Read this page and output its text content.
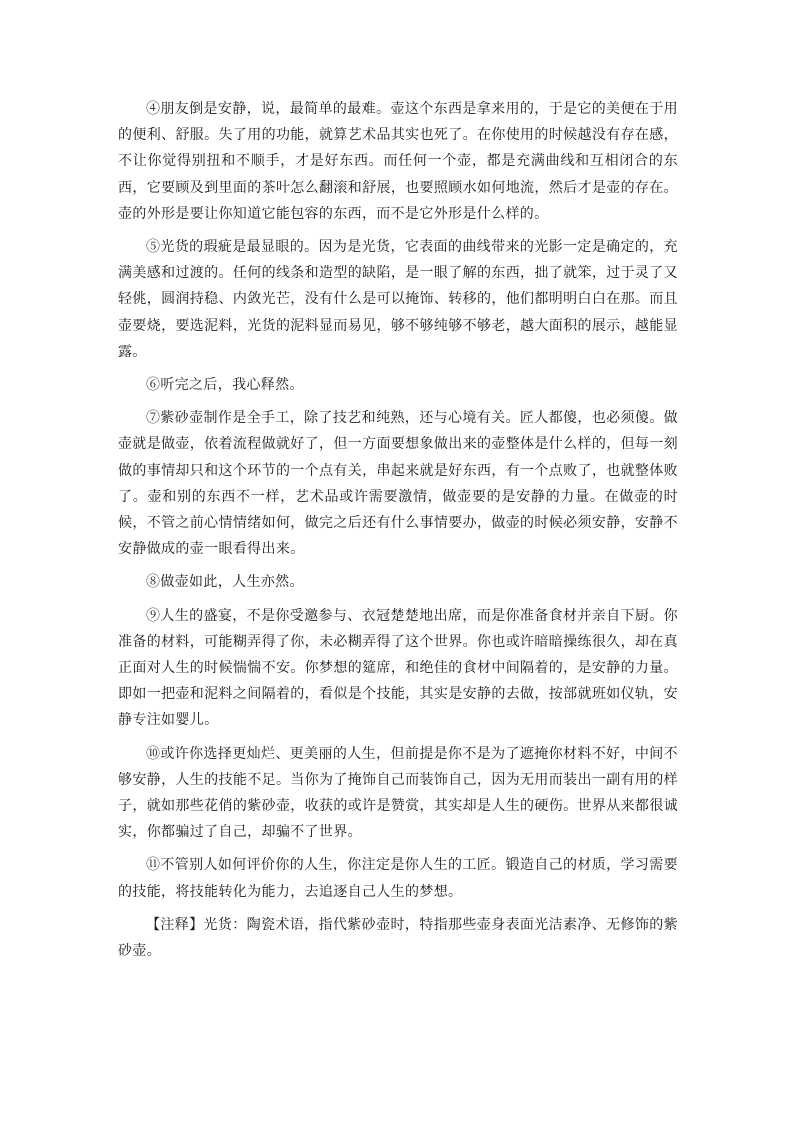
④朋友倒是安静，说，最简单的最难。壶这个东西是拿来用的，于是它的美便在于用的便利、舒服。失了用的功能，就算艺术品其实也死了。在你使用的时候越没有存在感，不让你觉得别扭和不顺手，才是好东西。而任何一个壶，都是充满曲线和互相闭合的东西，它要顾及到里面的茶叶怎么翻滚和舒展，也要照顾水如何地流，然后才是壶的存在。壶的外形是要让你知道它能包容的东西，而不是它外形是什么样的。

⑤光货的瑕疵是最显眼的。因为是光货，它表面的曲线带来的光影一定是确定的，充满美感和过渡的。任何的线条和造型的缺陷，是一眼了解的东西，拙了就笨，过于灵了又轻佻，圆润持稳、内敛光芒，没有什么是可以掩饰、转移的，他们都明明白白在那。而且壶要烧，要选泥料，光货的泥料显而易见，够不够纯够不够老，越大面积的展示，越能显露。

⑥听完之后，我心释然。

⑦紫砂壶制作是全手工，除了技艺和纯熟，还与心境有关。匠人都傻，也必须傻。做壶就是做壶，依着流程做就好了，但一方面要想象做出来的壶整体是什么样的，但每一刻做的事情却只和这个环节的一个点有关，串起来就是好东西，有一个点败了，也就整体败了。壶和别的东西不一样，艺术品或许需要激情，做壶要的是安静的力量。在做壶的时候，不管之前心情情绪如何，做完之后还有什么事情要办，做壶的时候必须安静，安静不安静做成的壶一眼看得出来。

⑧做壶如此，人生亦然。

⑨人生的盛宴，不是你受邀参与、衣冠楚楚地出席，而是你准备食材并亲自下厨。你准备的材料，可能糊弄得了你，未必糊弄得了这个世界。你也或许暗暗操练很久，却在真正面对人生的时候惴惴不安。你梦想的筵席，和绝佳的食材中间隔着的，是安静的力量。即如一把壶和泥料之间隔着的，看似是个技能，其实是安静的去做，按部就班如仪轨，安静专注如婴儿。

⑩或许你选择更灿烂、更美丽的人生，但前提是你不是为了遮掩你材料不好，中间不够安静，人生的技能不足。当你为了掩饰自己而装饰自己，因为无用而装出一副有用的样子，就如那些花俏的紫砂壶，收获的或许是赞赏，其实却是人生的硬伤。世界从来都很诚实，你都骗过了自己，却骗不了世界。

⑪不管别人如何评价你的人生，你注定是你人生的工匠。锻造自己的材质，学习需要的技能，将技能转化为能力，去追逐自己人生的梦想。

【注释】光货：陶瓷术语，指代紫砂壶时，特指那些壶身表面光洁素净、无修饰的紫砂壶。
